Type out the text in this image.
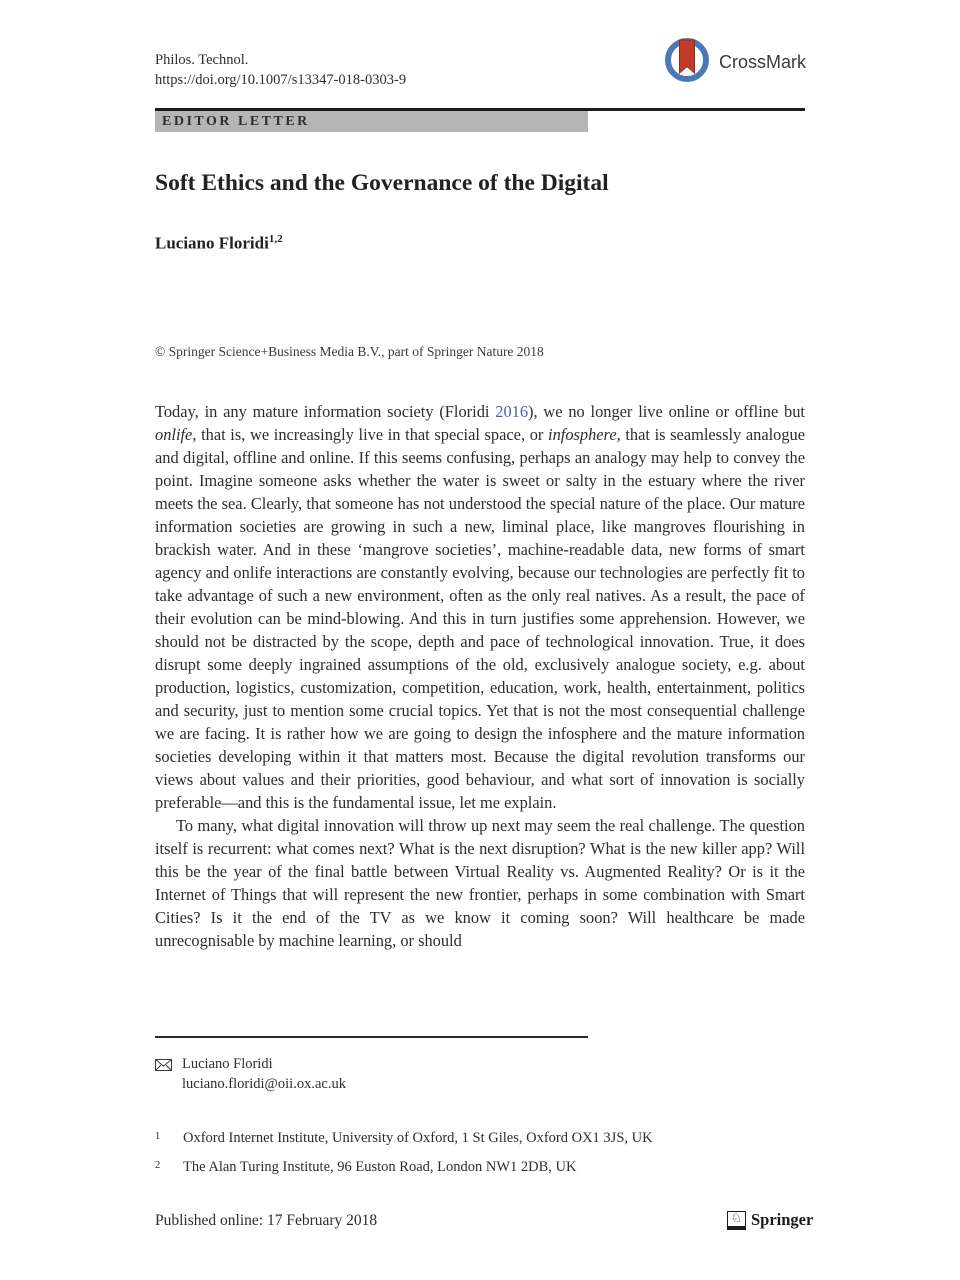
Philos. Technol.
https://doi.org/10.1007/s13347-018-0303-9
CrossMark
EDITOR LETTER
Soft Ethics and the Governance of the Digital
Luciano Floridi$^{1,2}$
© Springer Science+Business Media B.V., part of Springer Nature 2018

Today, in any mature information society (Floridi 2016), we no longer live online or offline but onlife, that is, we increasingly live in that special space, or infosphere, that is seamlessly analogue and digital, offline and online. If this seems confusing, perhaps an analogy may help to convey the point. Imagine someone asks whether the water is sweet or salty in the estuary where the river meets the sea. Clearly, that someone has not understood the special nature of the place. Our mature information societies are growing in such a new, liminal place, like mangroves flourishing in brackish water. And in these ‘mangrove societies’, machine-readable data, new forms of smart agency and onlife interactions are constantly evolving, because our technologies are perfectly fit to take advantage of such a new environment, often as the only real natives. As a result, the pace of their evolution can be mind-blowing. And this in turn justifies some apprehension. However, we should not be distracted by the scope, depth and pace of technological innovation. True, it does disrupt some deeply ingrained assumptions of the old, exclusively analogue society, e.g. about production, logistics, customization, competition, education, work, health, entertainment, politics and security, just to mention some crucial topics. Yet that is not the most consequential challenge we are facing. It is rather how we are going to design the infosphere and the mature information societies developing within it that matters most. Because the digital revolution transforms our views about values and their priorities, good behaviour, and what sort of innovation is socially preferable—and this is the fundamental issue, let me explain.

To many, what digital innovation will throw up next may seem the real challenge. The question itself is recurrent: what comes next? What is the next disruption? What is the new killer app? Will this be the year of the final battle between Virtual Reality vs. Augmented Reality? Or is it the Internet of Things that will represent the new frontier, perhaps in some combination with Smart Cities? Is it the end of the TV as we know it coming soon? Will healthcare be made unrecognisable by machine learning, or should

Luciano Floridi
luciano.floridi@oii.ox.ac.uk
1	Oxford Internet Institute, University of Oxford, 1 St Giles, Oxford OX1 3JS, UK
2	The Alan Turing Institute, 96 Euston Road, London NW1 2DB, UK
Published online: 17 February 2018	♘ Springer
